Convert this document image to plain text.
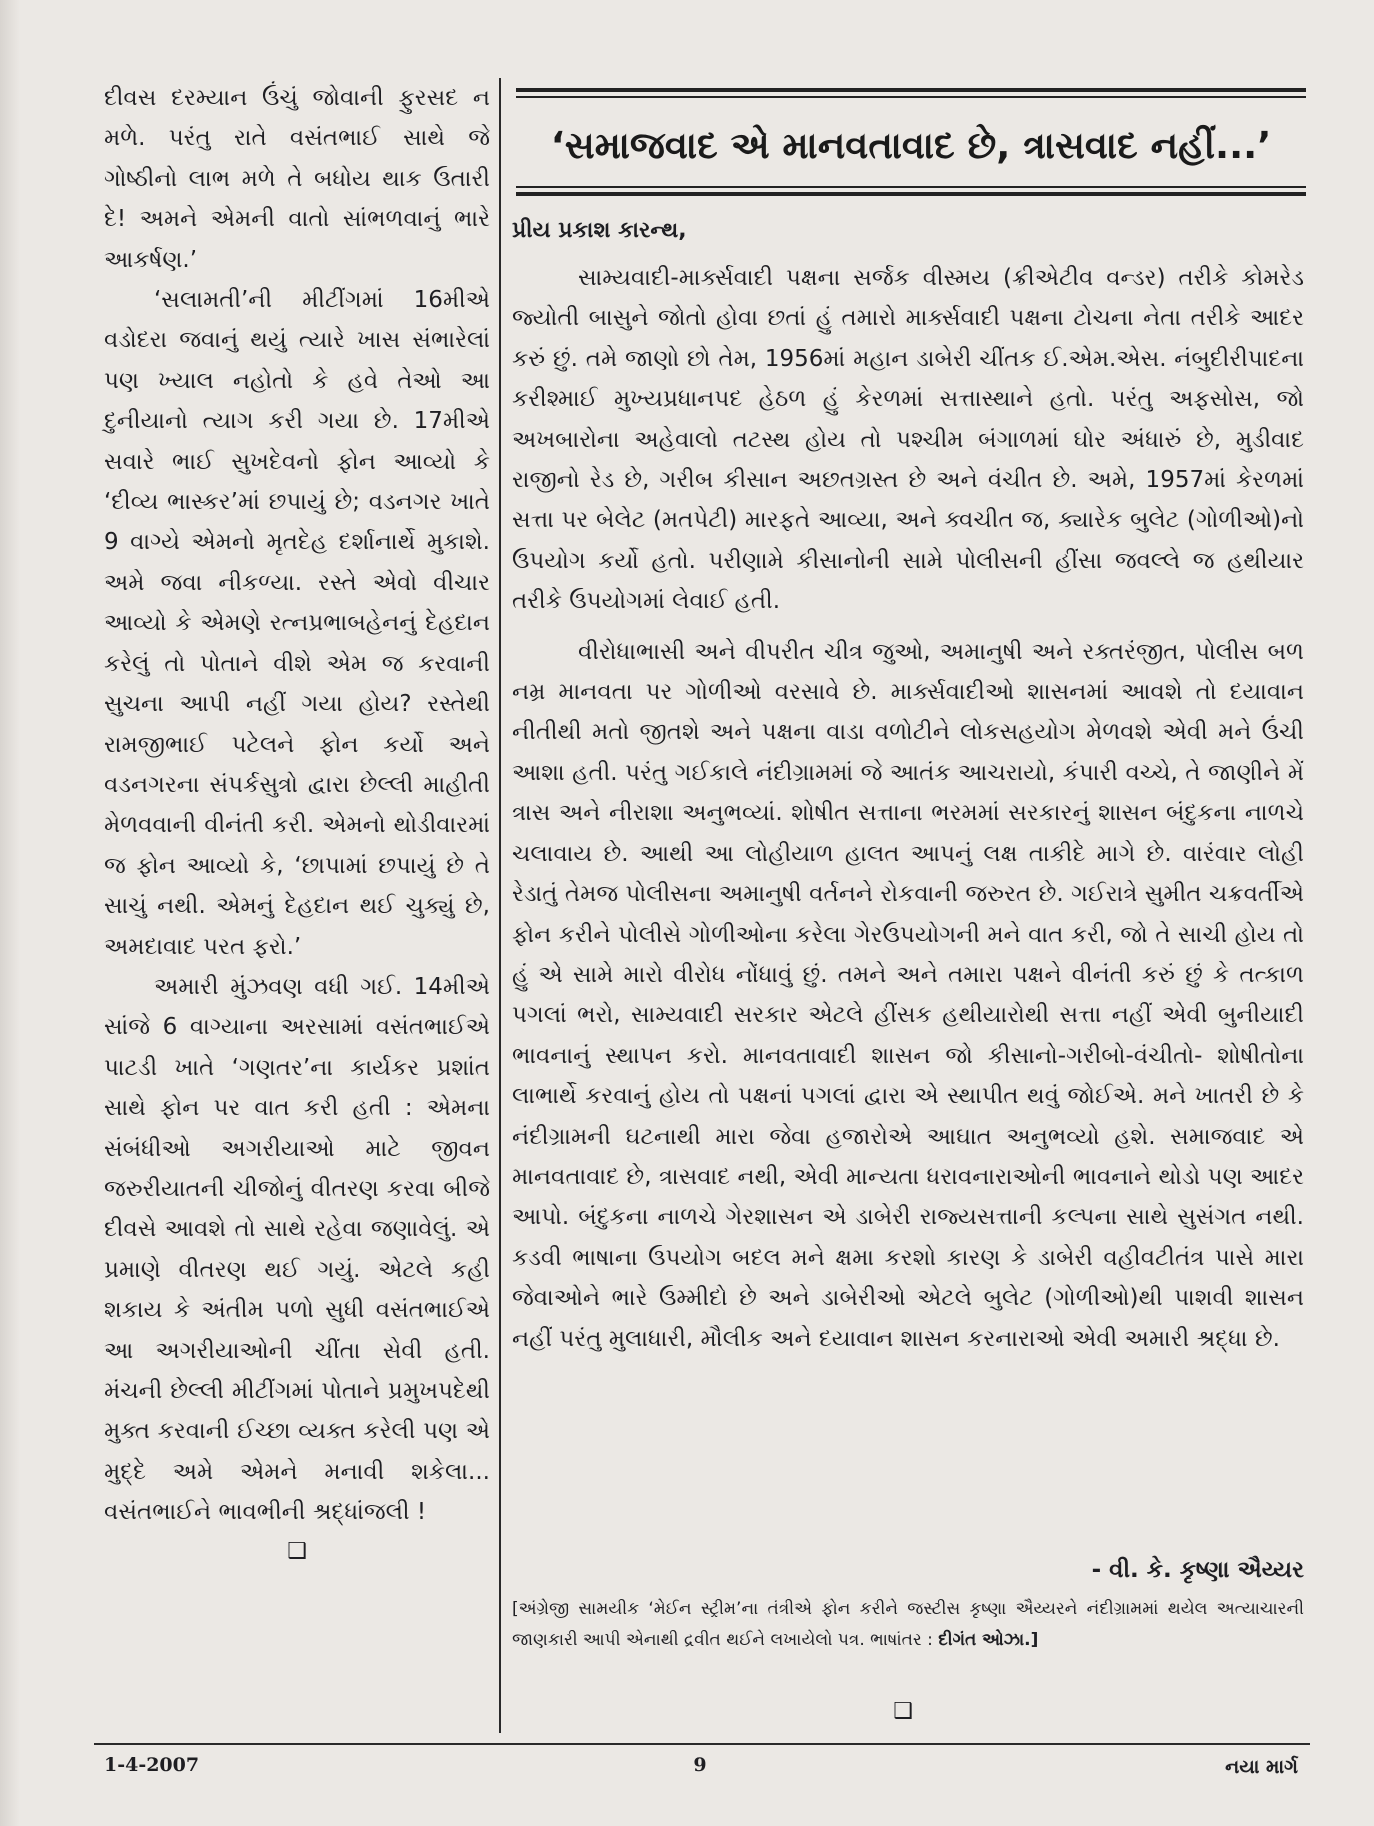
દીવસ દરમ્યાન ઉંચું જોવાની ફુરસદ ન મળે. પરંતુ રાતે વસંતભાઈ સાથે જે ગોષ્ઠીનો લાભ મળે તે બધોય થાક ઉતારી દે! અમને એમની વાતો સાંભળવાનું ભારે આકર્ષણ.’

‘સલામતી’ની મીટીંગમાં 16મીએ વડોદરા જવાનું થયું ત્યારે ખાસ સંભારેલાં પણ ખ્યાલ નહોતો કે હવે તેઓ આ દુનીયાનો ત્યાગ કરી ગયા છે. 17મીએ સવારે ભાઈ સુખદેવનો ફોન આવ્યો કે ‘દીવ્ય ભાસ્કર’માં છપાયું છે; વડનગર ખાતે 9 વાગ્યે એમનો મૃતદેહ દર્શાનાર્થે મુકાશે. અમે જવા નીકળ્યા. રસ્તે એવો વીચાર આવ્યો કે એમણે રત્નપ્રભાબહેનનું દેહદાન કરેલું તો પોતાને વીશે એમ જ કરવાની સુચના આપી નહીં ગયા હોય? રસ્તેથી રામજીભાઈ પટેલને ફોન કર્યો અને વડનગરના સંપર્કસુત્રો દ્વારા છેલ્લી માહીતી મેળવવાની વીનંતી કરી. એમનો થોડીવારમાં જ ફોન આવ્યો કે, ‘છાપામાં છપાયું છે તે સાચું નથી. એમનું દેહદાન થઈ ચુક્યું છે, અમદાવાદ પરત ફરો.’

અમારી મુંઝવણ વધી ગઈ. 14મીએ સાંજે 6 વાગ્યાના અરસામાં વસંતભાઈએ પાટડી ખાતે ‘ગણતર’ના કાર્યકર પ્રશાંત સાથે ફોન પર વાત કરી હતી : એમના સંબંધીઓ અગરીયાઓ માટે જીવન જરુરીયાતની ચીજોનું વીતરણ કરવા બીજે દીવસે આવશે તો સાથે રહેવા જણાવેલું. એ પ્રમાણે વીતરણ થઈ ગયું. એટલે કહી શકાય કે અંતીમ પળો સુધી વસંતભાઈએ આ અગરીયાઓની ચીંતા સેવી હતી. મંચની છેલ્લી મીટીંગમાં પોતાને પ્રમુખપદેથી મુક્ત કરવાની ઈચ્છા વ્યક્ત કરેલી પણ એ મુદ્દે અમે એમને મનાવી શકેલા... વસંતભાઈને ભાવભીની શ્રદ્ધાંજલી !

❑
‘સમાજવાદ એ માનવતાવાદ છે, ત્રાસવાદ નહીં...’
પ્રીય પ્રકાશ કારન્થ,

સામ્યવાદી-માર્ક્સવાદી પક્ષના સર્જક વીસ્મય (ક્રીએટીવ વન્ડર) તરીકે કોમરેડ જ્યોતી બાસુને જોતો હોવા છતાં હું તમારો માર્ક્સવાદી પક્ષના ટોચના નેતા તરીકે આદર કરું છું. તમે જાણો છો તેમ, 1956માં મહાન ડાબેરી ચીંતક ઈ.એમ.એસ. નંબુદીરીપાદના કરીશ્માઈ મુખ્યપ્રધાનપદ હેઠળ હું કેરળમાં સત્તાસ્થાને હતો. પરંતુ અફસોસ, જો અખબારોના અહેવાલો તટસ્થ હોય તો પશ્ચીમ બંગાળમાં ઘોર અંધારું છે, મુડીવાદ રાજીનો રેડ છે, ગરીબ કીસાન અછતગ્રસ્ત છે અને વંચીત છે. અમે, 1957માં કેરળમાં સત્તા પર બેલેટ (મતપેટી) મારફતે આવ્યા, અને ક્વચીત જ, ક્યારેક બુલેટ (ગોળીઓ)નો ઉપયોગ કર્યો હતો. પરીણામે કીસાનોની સામે પોલીસની હીંસા જવલ્લે જ હથીયાર તરીકે ઉપયોગમાં લેવાઈ હતી.

વીરોધાભાસી અને વીપરીત ચીત્ર જુઓ, અમાનુષી અને રક્તરંજીત, પોલીસ બળ નમ્ર માનવતા પર ગોળીઓ વરસાવે છે. માર્ક્સવાદીઓ શાસનમાં આવશે તો દયાવાન નીતીથી મતો જીતશે અને પક્ષના વાડા વળોટીને લોકસહયોગ મેળવશે એવી મને ઉંચી આશા હતી. પરંતુ ગઈકાલે નંદીગ્રામમાં જે આતંક આચરાયો, કંપારી વચ્ચે, તે જાણીને મેં ત્રાસ અને નીરાશા અનુભવ્યાં. શોષીત સત્તાના ભરમમાં સરકારનું શાસન બંદુકના નાળચે ચલાવાય છે. આથી આ લોહીયાળ હાલત આપનું લક્ષ તાકીદે માગે છે. વારંવાર લોહી રેડાતું તેમજ પોલીસના અમાનુષી વર્તનને રોકવાની જરુરત છે. ગઈરાત્રે સુમીત ચક્રવર્તીએ ફોન કરીને પોલીસે ગોળીઓના કરેલા ગેરઉપયોગની મને વાત કરી, જો તે સાચી હોય તો હું એ સામે મારો વીરોધ નોંધાવું છું. તમને અને તમારા પક્ષને વીનંતી કરું છું કે તત્કાળ પગલાં ભરો, સામ્યવાદી સરકાર એટલે હીંસક હથીયારોથી સત્તા નહીં એવી બુનીયાદી ભાવનાનું સ્થાપન કરો. માનવતાવાદી શાસન જો કીસાનો-ગરીબો-વંચીતો- શોષીતોના લાભાર્થે કરવાનું હોય તો પક્ષનાં પગલાં દ્વારા એ સ્થાપીત થવું જોઈએ. મને ખાતરી છે કે નંદીગ્રામની ઘટનાથી મારા જેવા હજારોએ આઘાત અનુભવ્યો હશે. સમાજવાદ એ માનવતાવાદ છે, ત્રાસવાદ નથી, એવી માન્યતા ધરાવનારાઓની ભાવનાને થોડો પણ આદર આપો. બંદુકના નાળચે ગેરશાસન એ ડાબેરી રાજ્યસત્તાની કલ્પના સાથે સુસંગત નથી. કડવી ભાષાના ઉપયોગ બદલ મને ક્ષમા કરશો કારણ કે ડાબેરી વહીવટીતંત્ર પાસે મારા જેવાઓને ભારે ઉમ્મીદો છે અને ડાબેરીઓ એટલે બુલેટ (ગોળીઓ)થી પાશવી શાસન નહીં પરંતુ મુલાધારી, મૌલીક અને દયાવાન શાસન કરનારાઓ એવી અમારી શ્રદ્ધા છે.

- વી. કે. કૃષ્ણા ઐય્યર
[અંગ્રેજી સામયીક ‘મેઈન સ્ટ્રીમ’ના તંત્રીએ ફોન કરીને જસ્ટીસ કૃષ્ણા ઐય્યરને નંદીગ્રામમાં થયેલ અત્યાચારની જાણકારી આપી એનાથી દ્રવીત થઈને લખાયેલો પત્ર. ભાષાંતર : દીગંત ઓઝા.]
❑
1-4-2007	9	નયા માર્ગ
